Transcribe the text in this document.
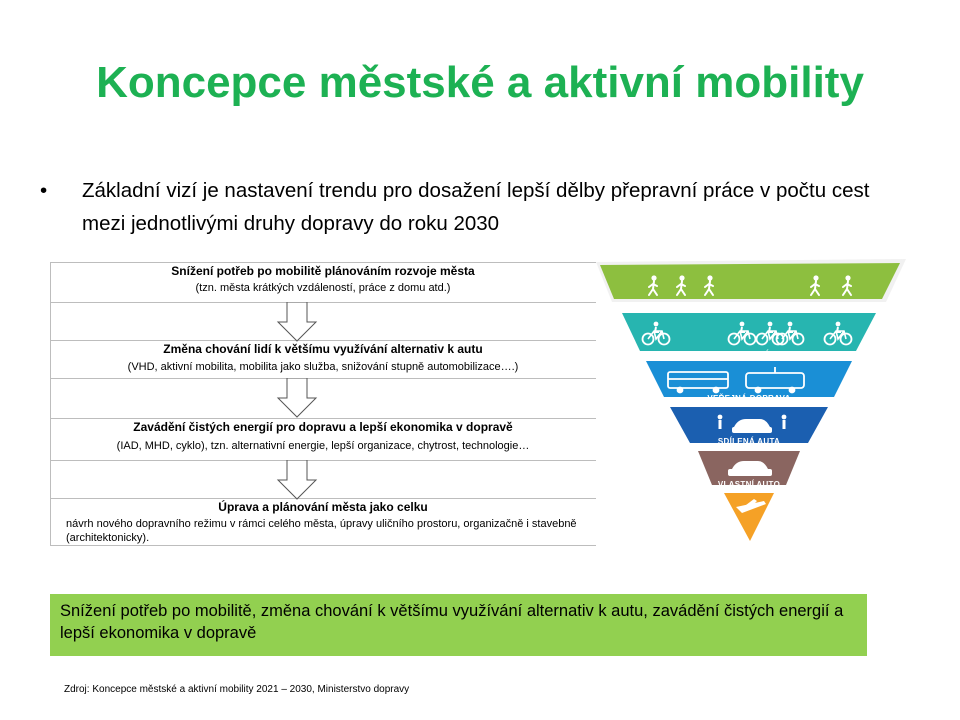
Koncepce městské a aktivní mobility
• Základní vizí je nastavení trendu pro dosažení lepší dělby přepravní práce v počtu cest mezi jednotlivými druhy dopravy do roku 2030
Snížení potřeb po mobilitě plánováním rozvoje města
(tzn. města krátkých vzdáleností, práce z domu atd.)
Změna chování lidí k většímu využívání alternativ k autu
(VHD, aktivní mobilita, mobilita jako služba, snižování stupně automobilizace….)
Zavádění čistých energií pro dopravu a lepší ekonomika v dopravě
(IAD, MHD, cyklo), tzn. alternativní energie, lepší organizace, chytrost, technologie…
Úprava a plánování města jako celku
návrh nového dopravního režimu v rámci celého města, úpravy uličního prostoru, organizačně i stavebně (architektonicky).
CHODCI
CYKLISTÉ
VEŘEJNÁ DOPRAVA
SDÍLENÁ AUTA
VLASTNÍ AUTO
Snížení potřeb po mobilitě, změna chování k většímu využívání alternativ k autu, zavádění čistých energií a lepší ekonomika v dopravě
Zdroj: Koncepce městské a aktivní mobility 2021 – 2030, Ministerstvo dopravy
